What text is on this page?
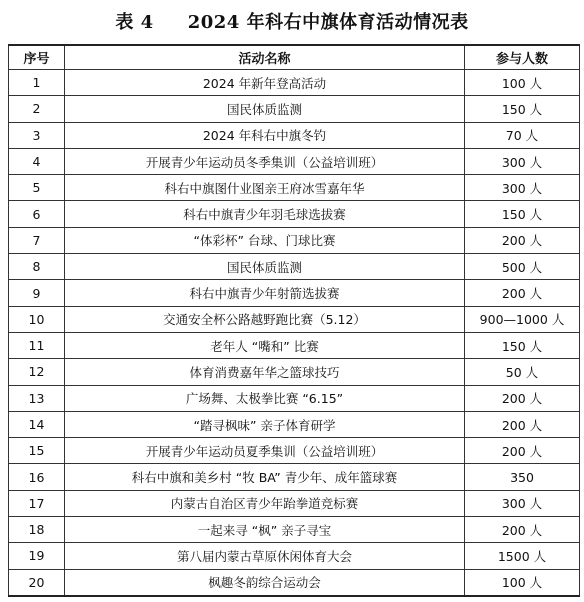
表 4 2024 年科右中旗体育活动情况表
序号	活动名称	参与人数
1	2024 年新年登高活动	100 人
2	国民体质监测	150 人
3	2024 年科右中旗冬钓	70 人
4	开展青少年运动员冬季集训（公益培训班）	300 人
5	科右中旗图什业图亲王府冰雪嘉年华	300 人
6	科右中旗青少年羽毛球选拔赛	150 人
7	“体彩杯” 台球、门球比赛	200 人
8	国民体质监测	500 人
9	科右中旗青少年射箭选拔赛	200 人
10	交通安全杯公路越野跑比赛（5.12）	900—1000 人
11	老年人 “嘴和” 比赛	150 人
12	体育消费嘉年华之篮球技巧	50 人
13	广场舞、太极拳比赛 “6.15”	200 人
14	“踏寻枫味” 亲子体育研学	200 人
15	开展青少年运动员夏季集训（公益培训班）	200 人
16	科右中旗和美乡村 “牧 BA” 青少年、成年篮球赛	350
17	内蒙古自治区青少年跆拳道竞标赛	300 人
18	一起来寻 “枫” 亲子寻宝	200 人
19	第八届内蒙古草原休闲体育大会	1500 人
20	枫趣冬韵综合运动会	100 人
